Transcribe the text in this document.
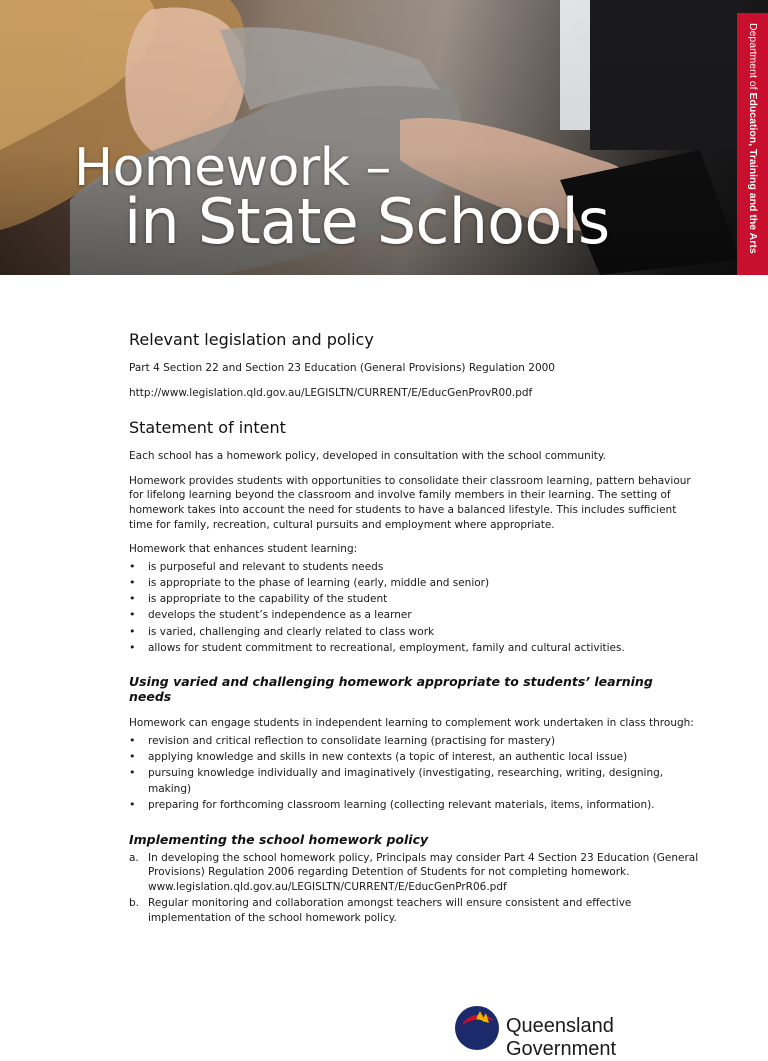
Homework –
in State Schools
Department of Education, Training and the Arts
Relevant legislation and policy

Part 4 Section 22 and Section 23 Education (General Provisions) Regulation 2000

http://www.legislation.qld.gov.au/LEGISLTN/CURRENT/E/EducGenProvR00.pdf

Statement of intent

Each school has a homework policy, developed in consultation with the school community.

Homework provides students with opportunities to consolidate their classroom learning, pattern behaviour for lifelong learning beyond the classroom and involve family members in their learning. The setting of homework takes into account the need for students to have a balanced lifestyle. This includes sufficient time for family, recreation, cultural pursuits and employment where appropriate.

Homework that enhances student learning:

• is purposeful and relevant to students needs
• is appropriate to the phase of learning (early, middle and senior)
• is appropriate to the capability of the student
• develops the student’s independence as a learner
• is varied, challenging and clearly related to class work
• allows for student commitment to recreational, employment, family and cultural activities.
Using varied and challenging homework appropriate to students’ learning needs

Homework can engage students in independent learning to complement work undertaken in class through:

• revision and critical reflection to consolidate learning (practising for mastery)
• applying knowledge and skills in new contexts (a topic of interest, an authentic local issue)
• pursuing knowledge individually and imaginatively (investigating, researching, writing, designing, making)
• preparing for forthcoming classroom learning (collecting relevant materials, items, information).
Implementing the school homework policy
a. In developing the school homework policy, Principals may consider Part 4 Section 23 Education (General Provisions) Regulation 2006 regarding Detention of Students for not completing homework.
www.legislation.qld.gov.au/LEGISLTN/CURRENT/E/EducGenPrR06.pdf
b. Regular monitoring and collaboration amongst teachers will ensure consistent and effective implementation of the school homework policy.
Queensland Government
